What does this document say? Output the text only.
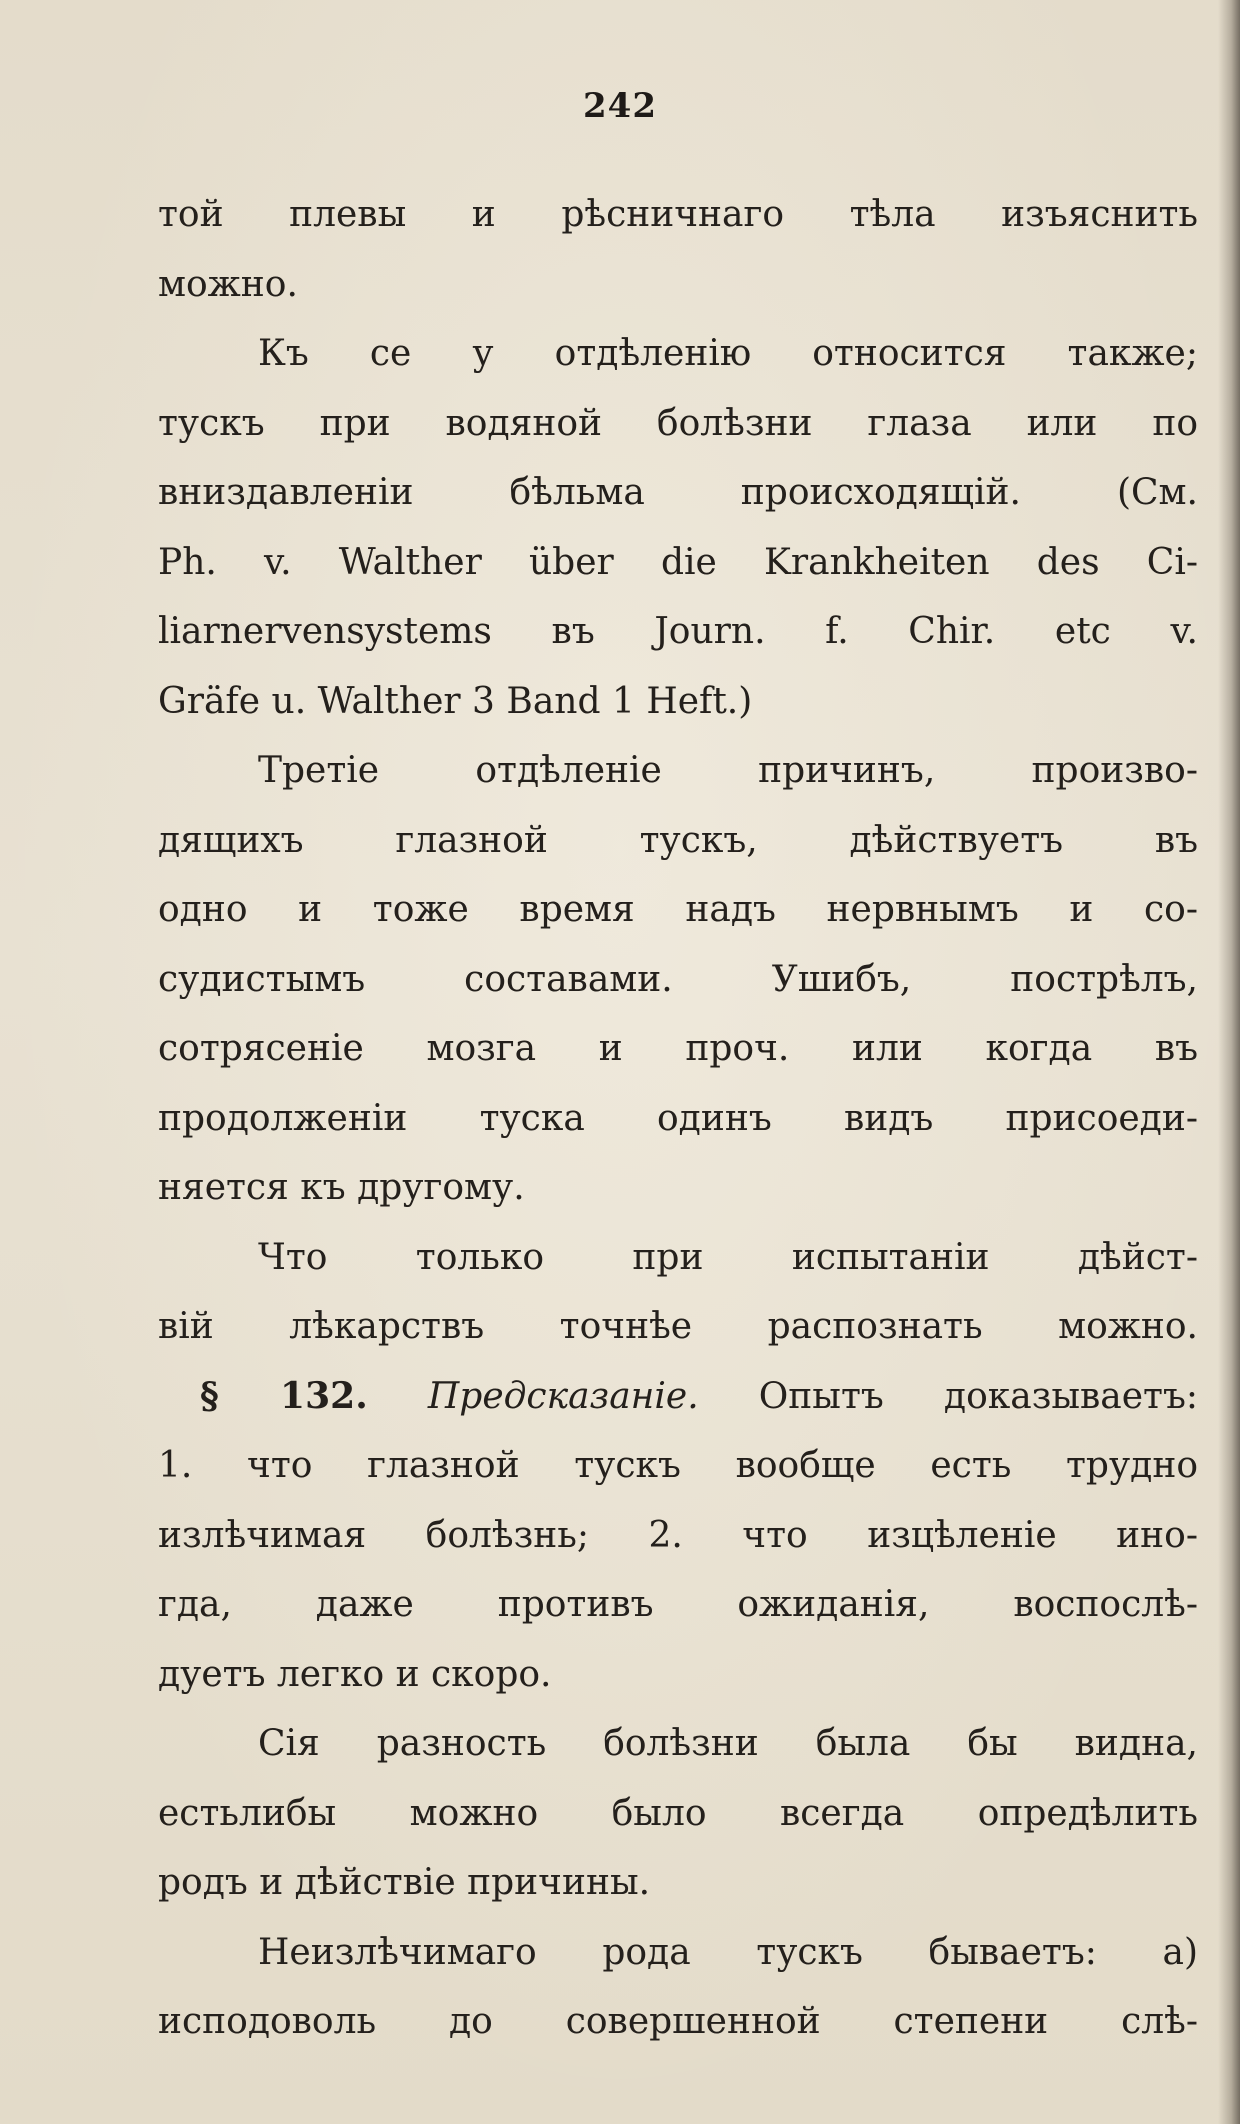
242
той плевы и рѣсничнаго тѣла изъяснить
можно.
Къ се у отдѣленію относится также;
тускъ при водяной болѣзни глаза или по
вниздавленіи бѣльма происходящій. (См.
Ph. v. Walther über die Krankheiten des Ci-
liarnervensystems въ Journ. f. Chir. etc v.
Gräfe u. Walther 3 Band 1 Heft.)
Третіе отдѣленіе причинъ, произво-
дящихъ глазной тускъ, дѣйствуетъ въ
одно и тоже время надъ нервнымъ и со-
судистымъ составами. Ушибъ, пострѣлъ,
сотрясеніе мозга и проч. или когда въ
продолженіи тускa одинъ видъ присоеди-
няется къ другому.
Что только при испытаніи дѣйст-
вій лѣкарствъ точнѣе распознать можно.
§ 132. Предсказаніе. Опытъ доказываетъ:
1. что глазной тускъ вообще есть трудно
излѣчимая болѣзнь; 2. что изцѣленіе ино-
гда, даже противъ ожиданія, воспослѣ-
дуетъ легко и скоро.
Сія разность болѣзни была бы видна,
естьлибы можно было всегда опредѣлить
родъ и дѣйствіе причины.
Неизлѣчимаго рода тускъ бываетъ: а)
исподоволь до совершенной степени слѣ-
